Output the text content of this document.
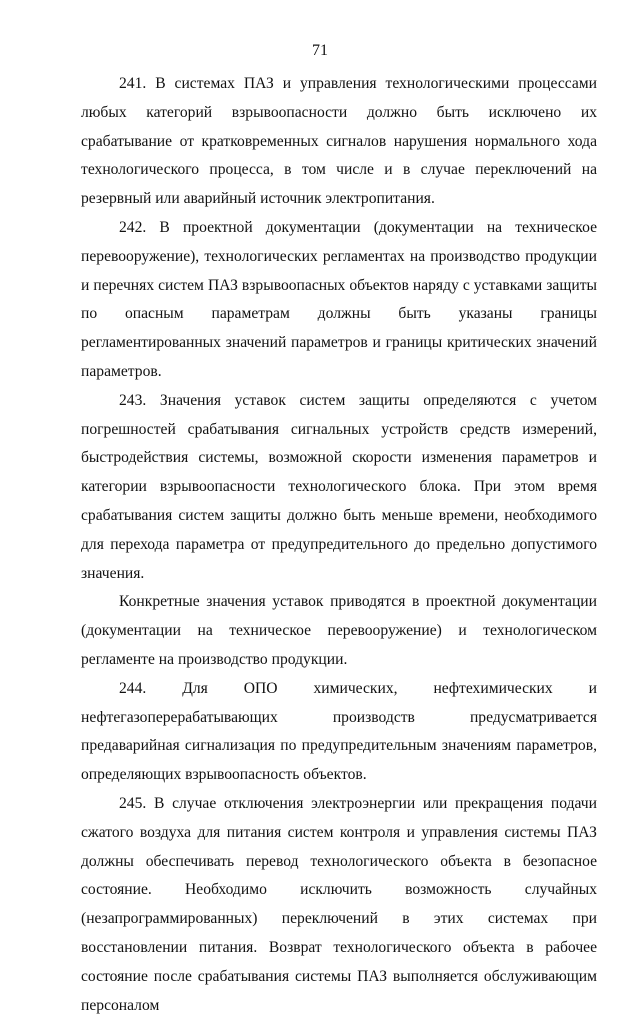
71

241. В системах ПАЗ и управления технологическими процессами любых категорий взрывоопасности должно быть исключено их срабатывание от кратковременных сигналов нарушения нормального хода технологического процесса, в том числе и в случае переключений на резервный или аварийный источник электропитания.

242. В проектной документации (документации на техническое перевооружение), технологических регламентах на производство продукции и перечнях систем ПАЗ взрывоопасных объектов наряду с уставками защиты по опасным параметрам должны быть указаны границы регламентированных значений параметров и границы критических значений параметров.

243. Значения уставок систем защиты определяются с учетом погрешностей срабатывания сигнальных устройств средств измерений, быстродействия системы, возможной скорости изменения параметров и категории взрывоопасности технологического блока. При этом время срабатывания систем защиты должно быть меньше времени, необходимого для перехода параметра от предупредительного до предельно допустимого значения.

Конкретные значения уставок приводятся в проектной документации (документации на техническое перевооружение) и технологическом регламенте на производство продукции.

244. Для ОПО химических, нефтехимических и нефтегазоперерабатывающих производств предусматривается предаварийная сигнализация по предупредительным значениям параметров, определяющих взрывоопасность объектов.

245. В случае отключения электроэнергии или прекращения подачи сжатого воздуха для питания систем контроля и управления системы ПАЗ должны обеспечивать перевод технологического объекта в безопасное состояние. Необходимо исключить возможность случайных (незапрограммированных) переключений в этих системах при восстановлении питания. Возврат технологического объекта в рабочее состояние после срабатывания системы ПАЗ выполняется обслуживающим персоналом
